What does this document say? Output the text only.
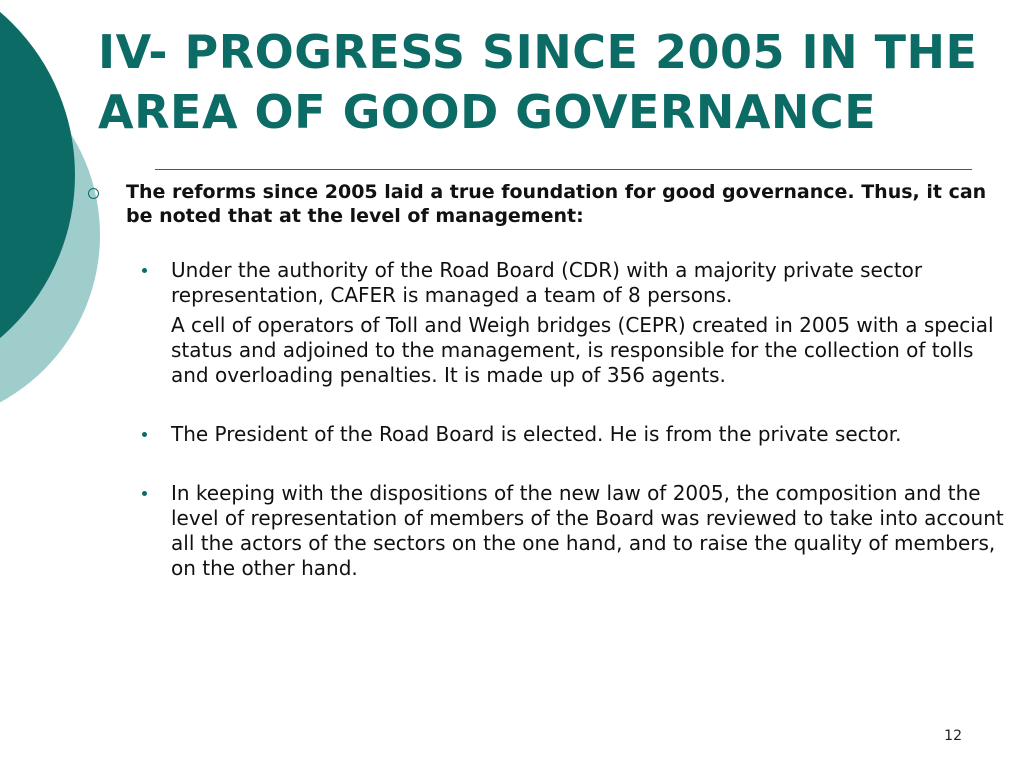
IV- PROGRESS SINCE 2005 IN THE
AREA OF GOOD GOVERNANCE
The reforms since 2005 laid a true foundation for good governance. Thus, it can be noted that at the level of management:

Under the authority of the Road Board (CDR) with a majority private sector representation, CAFER is managed a team of 8 persons.

A cell of operators of Toll and Weigh bridges (CEPR) created in 2005 with a special status and adjoined to the management, is responsible for the collection of tolls and overloading penalties. It is made up of 356 agents.

The President of the Road Board is elected. He is from the private sector.

In keeping with the dispositions of the new law of 2005, the composition and the level of representation of members of the Board was reviewed to take into account all the actors of the sectors on the one hand, and to raise the quality of members, on the other hand.

12
